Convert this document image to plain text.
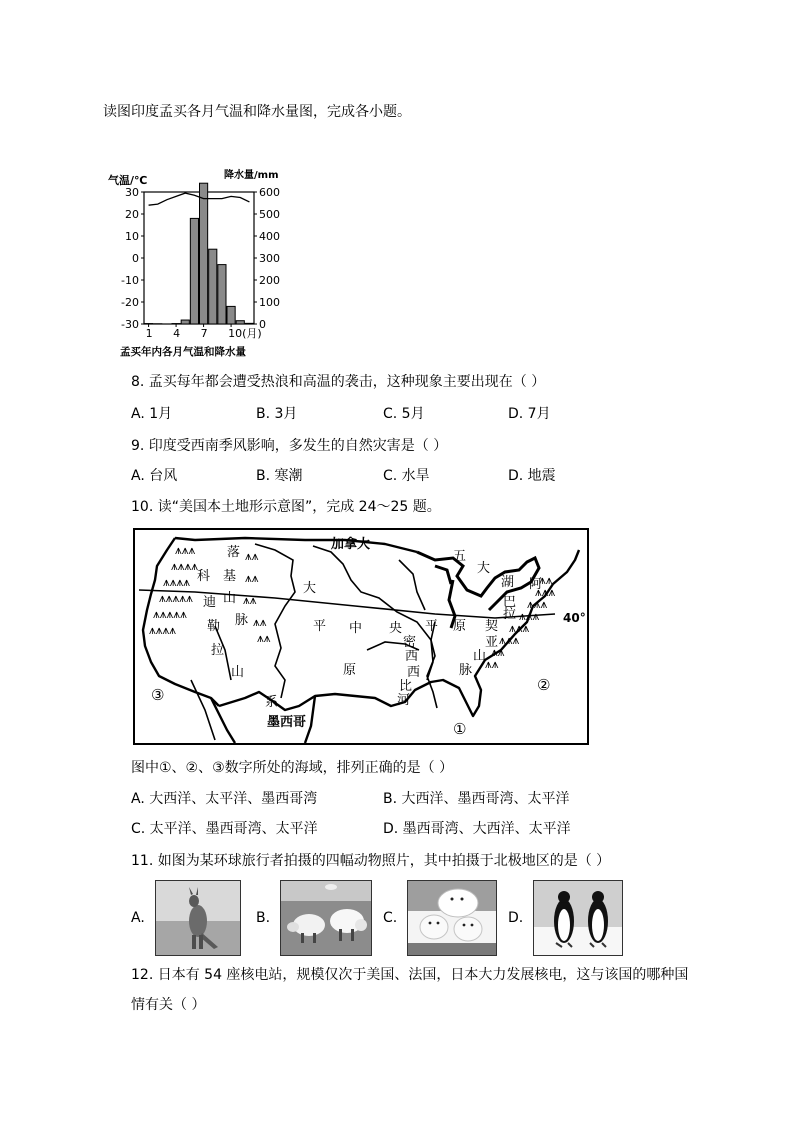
读图印度孟买各月气温和降水量图，完成各小题。
气温/℃	降水量/mm
30
20
10
0
-10
-20
-30
600
500
400
300
200
100
0
1 4 7 10(月)
孟买年内各月气温和降水量
8. 孟买每年都会遭受热浪和高温的袭击，这种现象主要出现在（ ）
A. 1月	B. 3月	C. 5月	D. 7月
9. 印度受西南季风影响，多发生的自然灾害是（ ）
A. 台风	B. 寒潮	C. 水旱	D. 地震
10. 读“美国本土地形示意图”，完成 24～25 题。
⩚⩚⩚
⩚⩚⩚⩚
⩚⩚⩚⩚
⩚⩚⩚⩚⩚
⩚⩚⩚⩚⩚
⩚⩚⩚⩚
⩚⩚
⩚⩚
⩚⩚
⩚⩚
⩚⩚
⩚⩚
⩚⩚⩚
⩚⩚⩚
⩚⩚⩚
⩚⩚⩚
⩚⩚⩚
⩚⩚
⩚⩚
加拿大
墨西哥
40°
落
基
山
脉
科
迪
勒
拉
山
系
大
平 中 央 平 原
原
五
大
湖 阿
巴
拉
契
亚
山
脉
密
西
西
比
河
①
②
③
图中①、②、③数字所处的海域，排列正确的是（ ）
A. 大西洋、太平洋、墨西哥湾	B. 大西洋、墨西哥湾、太平洋
C. 太平洋、墨西哥湾、太平洋	D. 墨西哥湾、大西洋、太平洋
11. 如图为某环球旅行者拍摄的四幅动物照片，其中拍摄于北极地区的是（ ）
A.	B.	C.	D.
12. 日本有 54 座核电站，规模仅次于美国、法国，日本大力发展核电，这与该国的哪种国
情有关（ ）
